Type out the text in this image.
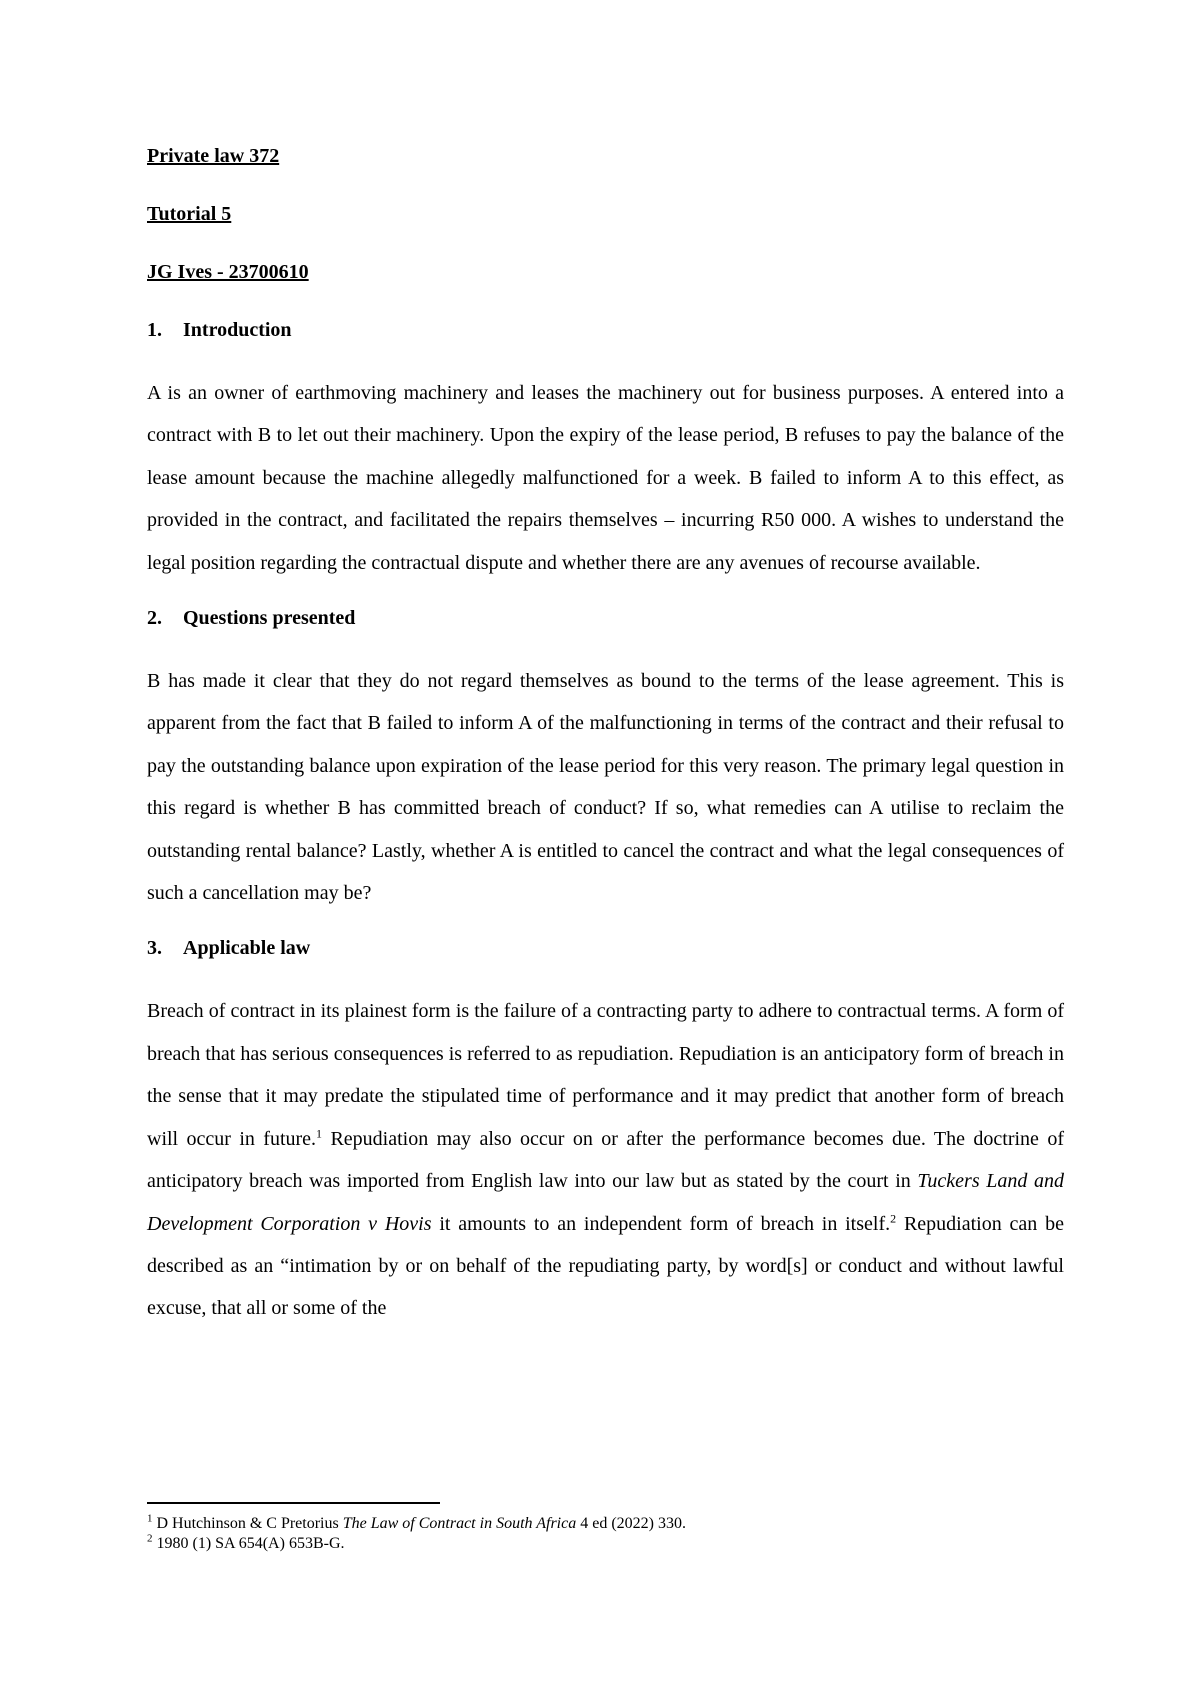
Private law 372

Tutorial 5

JG Ives - 23700610

1.	Introduction

A is an owner of earthmoving machinery and leases the machinery out for business purposes. A entered into a contract with B to let out their machinery. Upon the expiry of the lease period, B refuses to pay the balance of the lease amount because the machine allegedly malfunctioned for a week. B failed to inform A to this effect, as provided in the contract, and facilitated the repairs themselves – incurring R50 000. A wishes to understand the legal position regarding the contractual dispute and whether there are any avenues of recourse available.

2.	Questions presented

B has made it clear that they do not regard themselves as bound to the terms of the lease agreement. This is apparent from the fact that B failed to inform A of the malfunctioning in terms of the contract and their refusal to pay the outstanding balance upon expiration of the lease period for this very reason. The primary legal question in this regard is whether B has committed breach of conduct? If so, what remedies can A utilise to reclaim the outstanding rental balance? Lastly, whether A is entitled to cancel the contract and what the legal consequences of such a cancellation may be?

3.	Applicable law

Breach of contract in its plainest form is the failure of a contracting party to adhere to contractual terms. A form of breach that has serious consequences is referred to as repudiation. Repudiation is an anticipatory form of breach in the sense that it may predate the stipulated time of performance and it may predict that another form of breach will occur in future.$^1$ Repudiation may also occur on or after the performance becomes due. The doctrine of anticipatory breach was imported from English law into our law but as stated by the court in Tuckers Land and Development Corporation v Hovis it amounts to an independent form of breach in itself.$^2$ Repudiation can be described as an “intimation by or on behalf of the repudiating party, by word[s] or conduct and without lawful excuse, that all or some of the

$^1$ D Hutchinson & C Pretorius The Law of Contract in South Africa 4 ed (2022) 330.
$^2$ 1980 (1) SA 654(A) 653B-G.
